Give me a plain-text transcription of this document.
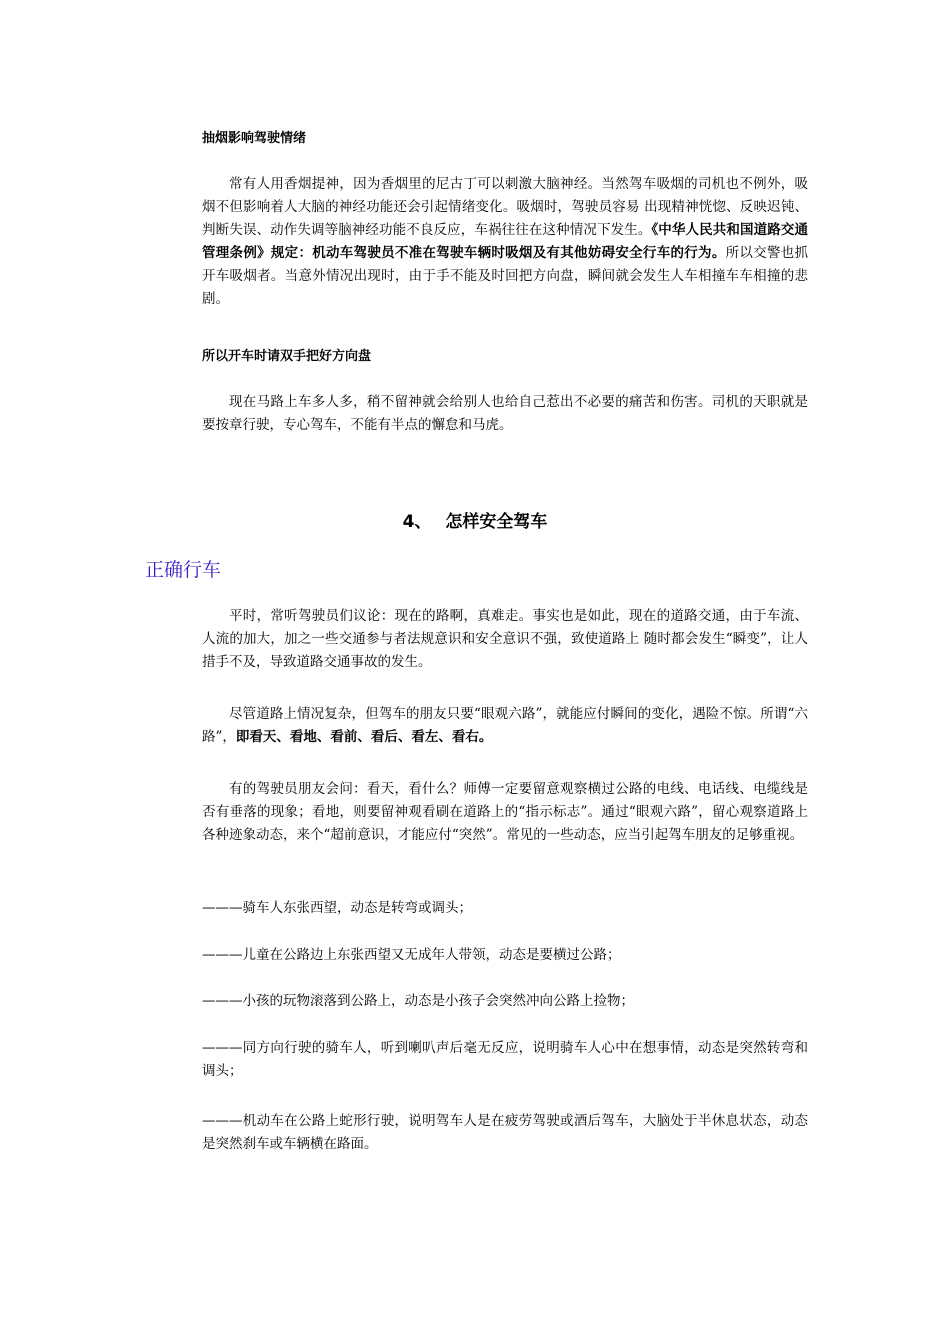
抽烟影响驾驶情绪

常有人用香烟提神，因为香烟里的尼古丁可以刺激大脑神经。当然驾车吸烟的司机也不例外，吸烟不但影响着人大脑的神经功能还会引起情绪变化。吸烟时，驾驶员容易 出现精神恍惚、反映迟钝、判断失误、动作失调等脑神经功能不良反应，车祸往往在这种情况下发生。《中华人民共和国道路交通管理条例》规定：机动车驾驶员不准在驾驶车辆时吸烟及有其他妨碍安全行车的行为。所以交警也抓开车吸烟者。当意外情况出现时，由于手不能及时回把方向盘，瞬间就会发生人车相撞车车相撞的悲剧。

所以开车时请双手把好方向盘

现在马路上车多人多，稍不留神就会给别人也给自己惹出不必要的痛苦和伤害。司机的天职就是要按章行驶，专心驾车，不能有半点的懈怠和马虎。

平时，常听驾驶员们议论：现在的路啊，真难走。事实也是如此，现在的道路交通，由于车流、人流的加大，加之一些交通参与者法规意识和安全意识不强，致使道路上 随时都会发生“瞬变”，让人措手不及，导致道路交通事故的发生。

尽管道路上情况复杂，但驾车的朋友只要“眼观六路”，就能应付瞬间的变化，遇险不惊。所谓“六路”，即看天、看地、看前、看后、看左、看右。

有的驾驶员朋友会问：看天，看什么？师傅一定要留意观察横过公路的电线、电话线、电缆线是否有垂落的现象；看地，则要留神观看刷在道路上的“指示标志”。通过“眼观六路”，留心观察道路上各种迹象动态，来个“超前意识，才能应付“突然”。常见的一些动态，应当引起驾车朋友的足够重视。

———骑车人东张西望，动态是转弯或调头；

———儿童在公路边上东张西望又无成年人带领，动态是要横过公路；

———小孩的玩物滚落到公路上，动态是小孩子会突然冲向公路上捡物；

———同方向行驶的骑车人，听到喇叭声后毫无反应，说明骑车人心中在想事情，动态是突然转弯和调头；

———机动车在公路上蛇形行驶，说明驾车人是在疲劳驾驶或酒后驾车，大脑处于半休息状态，动态是突然刹车或车辆横在路面。

4、 怎样安全驾车
正确行车
